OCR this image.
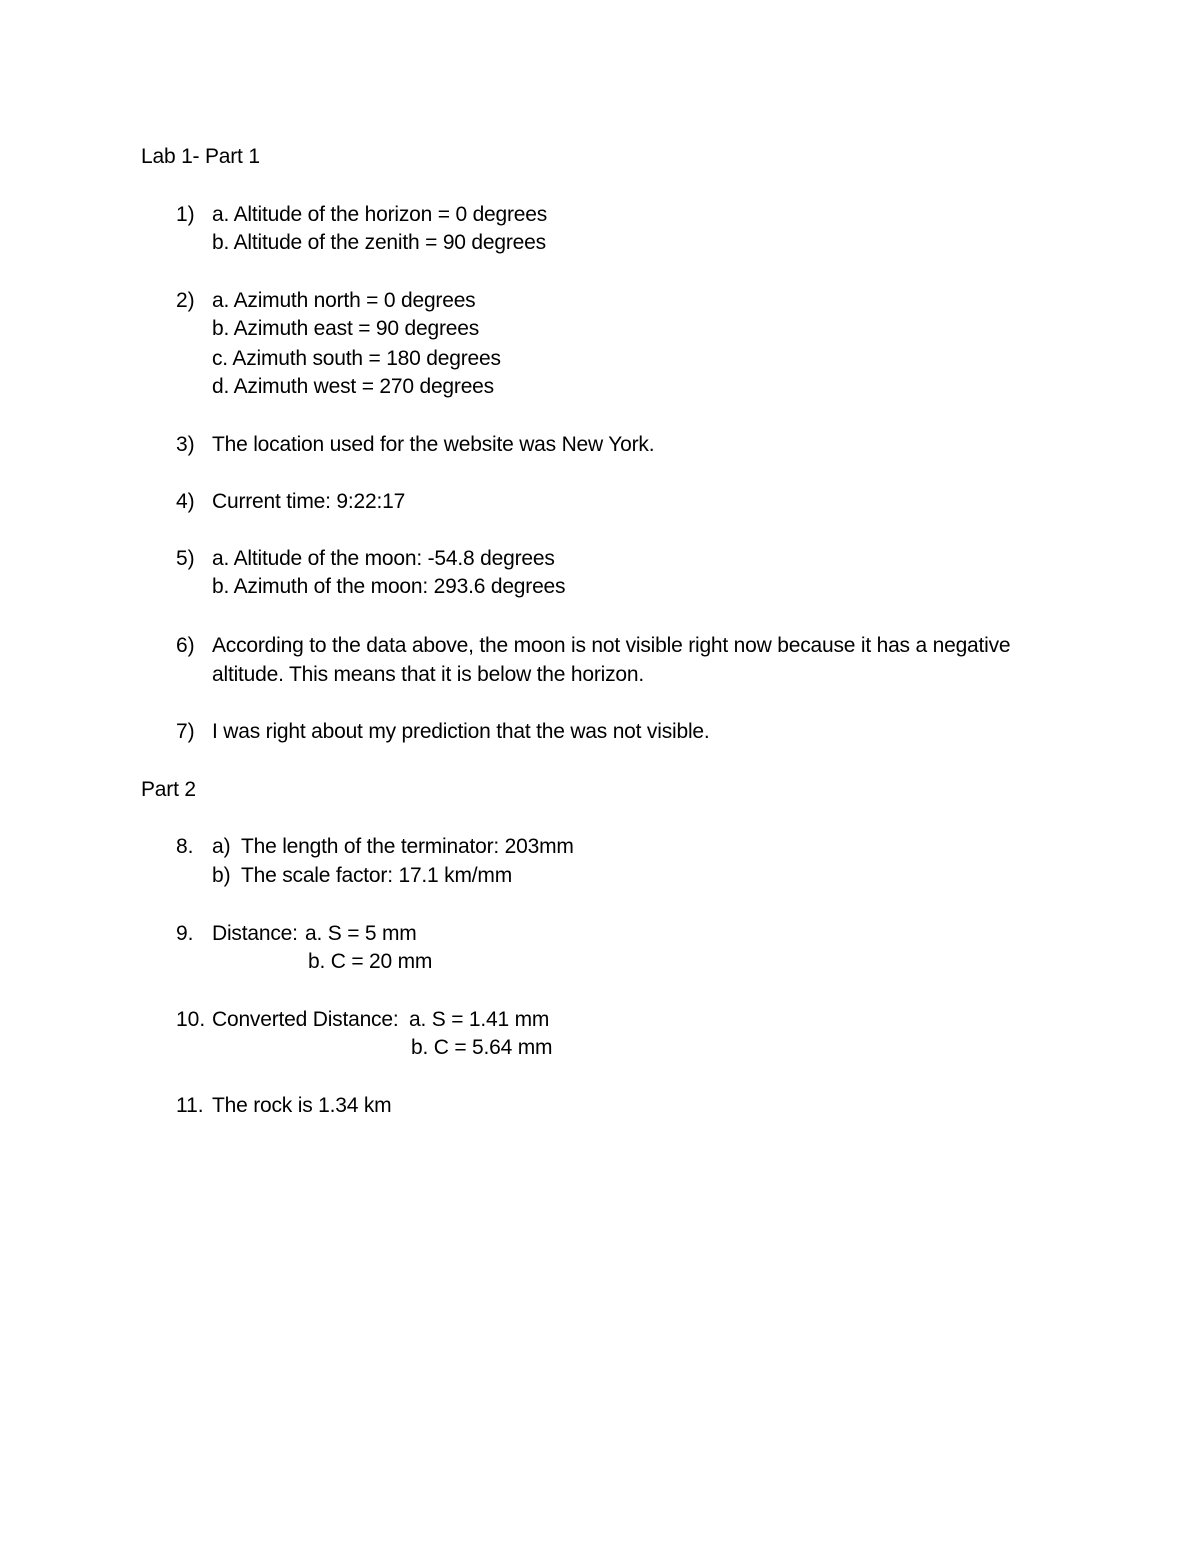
Lab 1- Part 1
1) a. Altitude of the horizon = 0 degrees
b. Altitude of the zenith = 90 degrees
2) a. Azimuth north = 0 degrees
b. Azimuth east = 90 degrees
c. Azimuth south = 180 degrees
d. Azimuth west = 270 degrees
3) The location used for the website was New York.
4) Current time: 9:22:17
5) a. Altitude of the moon: -54.8 degrees
b. Azimuth of the moon: 293.6 degrees
6) According to the data above, the moon is not visible right now because it has a negative
altitude. This means that it is below the horizon.
7) I was right about my prediction that the was not visible.
Part 2
8. a) The length of the terminator: 203mm
b) The scale factor: 17.1 km/mm
9. Distance: a. S = 5 mm
b. C = 20 mm
10. Converted Distance: a. S = 1.41 mm
b. C = 5.64 mm
11. The rock is 1.34 km
